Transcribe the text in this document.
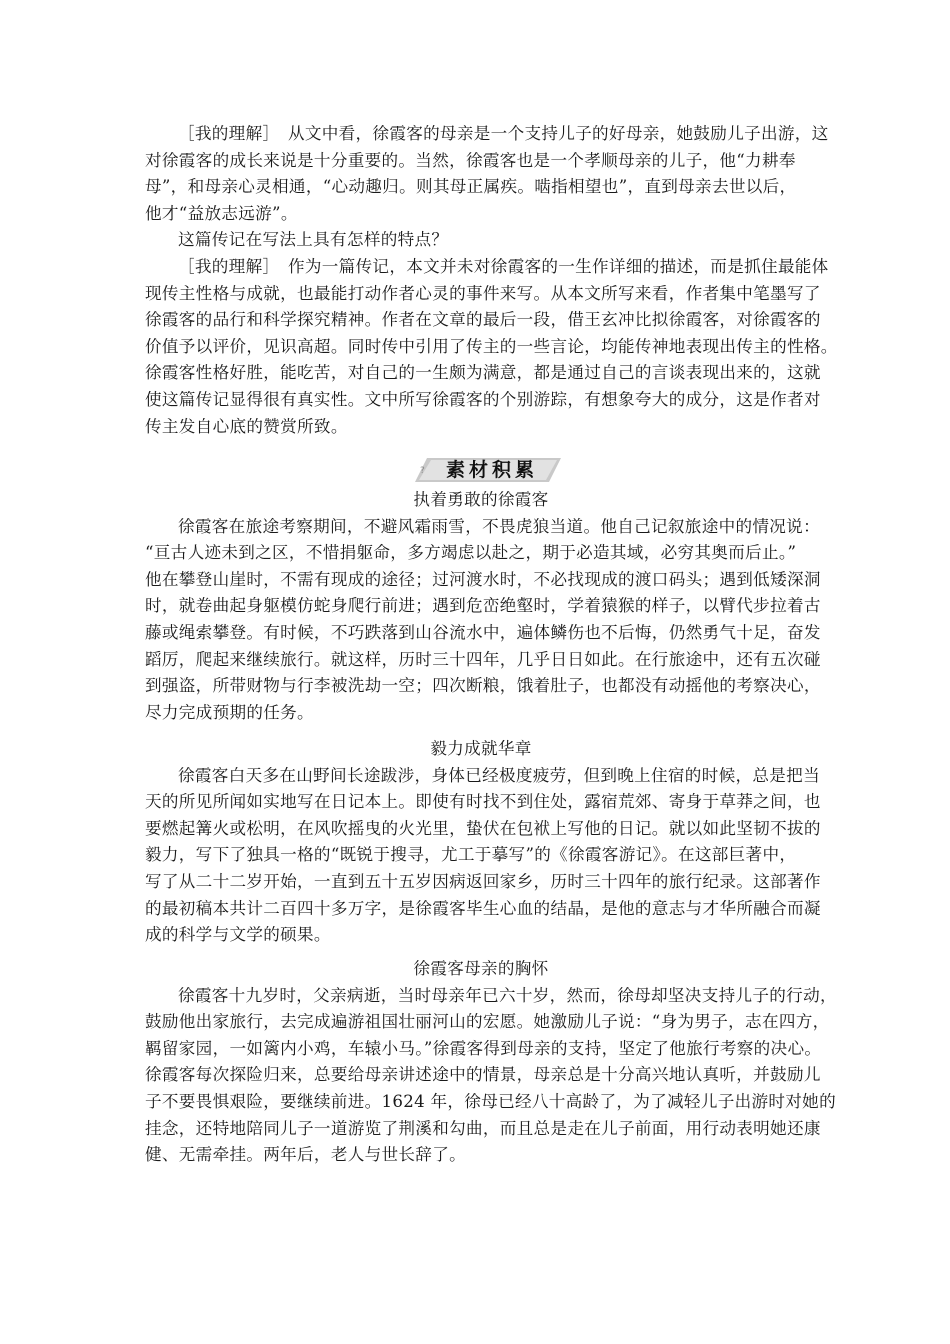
［我的理解］　从文中看，徐霞客的母亲是一个支持儿子的好母亲，她鼓励儿子出游，这
对徐霞客的成长来说是十分重要的。当然，徐霞客也是一个孝顺母亲的儿子，他“力耕奉
母”，和母亲心灵相通，“心动趣归。则其母正属疾。啮指相望也”，直到母亲去世以后，
他才“益放志远游”。
这篇传记在写法上具有怎样的特点？
［我的理解］　作为一篇传记，本文并未对徐霞客的一生作详细的描述，而是抓住最能体
现传主性格与成就，也最能打动作者心灵的事件来写。从本文所写来看，作者集中笔墨写了
徐霞客的品行和科学探究精神。作者在文章的最后一段，借王玄冲比拟徐霞客，对徐霞客的
价值予以评价，见识高超。同时传中引用了传主的一些言论，均能传神地表现出传主的性格。
徐霞客性格好胜，能吃苦，对自己的一生颇为满意，都是通过自己的言谈表现出来的，这就
使这篇传记显得很有真实性。文中所写徐霞客的个别游踪，有想象夸大的成分，这是作者对
传主发自心底的赞赏所致。
?	素材积累
执着勇敢的徐霞客
徐霞客在旅途考察期间，不避风霜雨雪，不畏虎狼当道。他自己记叙旅途中的情况说：
“亘古人迹未到之区，不惜捐躯命，多方竭虑以赴之，期于必造其域，必穷其奥而后止。”
他在攀登山崖时，不需有现成的途径；过河渡水时，不必找现成的渡口码头；遇到低矮深洞
时，就卷曲起身躯模仿蛇身爬行前进；遇到危峦绝壑时，学着猿猴的样子，以臂代步拉着古
藤或绳索攀登。有时候，不巧跌落到山谷流水中，遍体鳞伤也不后悔，仍然勇气十足，奋发
蹈厉，爬起来继续旅行。就这样，历时三十四年，几乎日日如此。在行旅途中，还有五次碰
到强盗，所带财物与行李被洗劫一空；四次断粮，饿着肚子，也都没有动摇他的考察决心，
尽力完成预期的任务。
毅力成就华章
徐霞客白天多在山野间长途跋涉，身体已经极度疲劳，但到晚上住宿的时候，总是把当
天的所见所闻如实地写在日记本上。即使有时找不到住处，露宿荒郊、寄身于草莽之间，也
要燃起篝火或松明，在风吹摇曳的火光里，蛰伏在包袱上写他的日记。就以如此坚韧不拔的
毅力，写下了独具一格的“既锐于搜寻，尤工于摹写”的《徐霞客游记》。在这部巨著中，
写了从二十二岁开始，一直到五十五岁因病返回家乡，历时三十四年的旅行纪录。这部著作
的最初稿本共计二百四十多万字，是徐霞客毕生心血的结晶，是他的意志与才华所融合而凝
成的科学与文学的硕果。
徐霞客母亲的胸怀
徐霞客十九岁时，父亲病逝，当时母亲年已六十岁，然而，徐母却坚决支持儿子的行动，
鼓励他出家旅行，去完成遍游祖国壮丽河山的宏愿。她激励儿子说：“身为男子，志在四方，
羁留家园，一如篱内小鸡，车辕小马。”徐霞客得到母亲的支持，坚定了他旅行考察的决心。
徐霞客每次探险归来，总要给母亲讲述途中的情景，母亲总是十分高兴地认真听，并鼓励儿
子不要畏惧艰险，要继续前进。1624 年，徐母已经八十高龄了，为了减轻儿子出游时对她的
挂念，还特地陪同儿子一道游览了荆溪和勾曲，而且总是走在儿子前面，用行动表明她还康
健、无需牵挂。两年后，老人与世长辞了。
